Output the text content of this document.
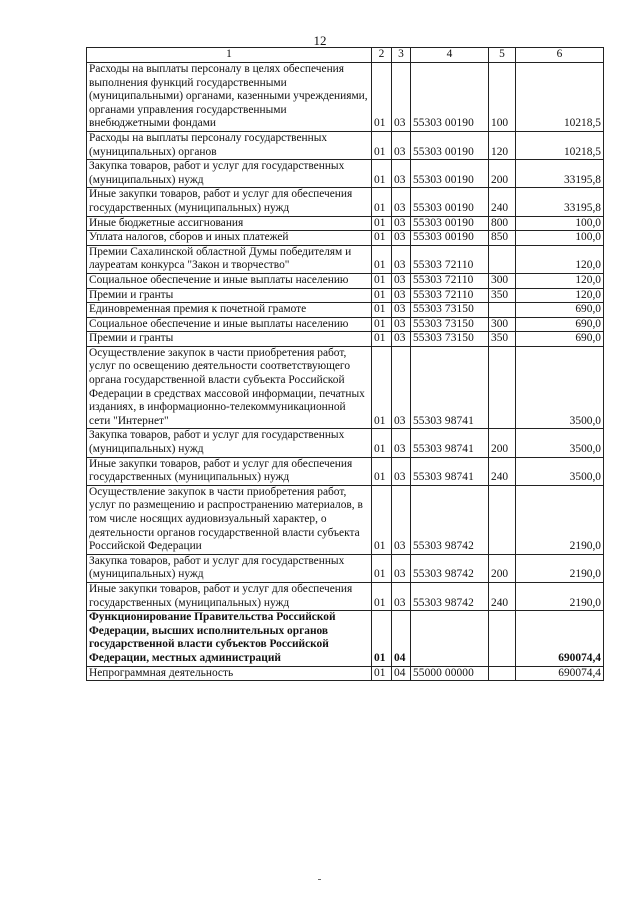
12
1	2	3	4	5	6
Расходы на выплаты персоналу в целях обеспечения выполнения функций государственными (муниципальными) органами, казенными учреждениями, органами управления государственными внебюджетными фондами	01	03	55303 00190	100	10218,5
Расходы на выплаты персоналу государственных (муниципальных) органов	01	03	55303 00190	120	10218,5
Закупка товаров, работ и услуг для государственных (муниципальных) нужд	01	03	55303 00190	200	33195,8
Иные закупки товаров, работ и услуг для обеспечения государственных (муниципальных) нужд	01	03	55303 00190	240	33195,8
Иные бюджетные ассигнования	01	03	55303 00190	800	100,0
Уплата налогов, сборов и иных платежей	01	03	55303 00190	850	100,0
Премии Сахалинской областной Думы победителям и лауреатам конкурса "Закон и творчество"	01	03	55303 72110		120,0
Социальное обеспечение и иные выплаты населению	01	03	55303 72110	300	120,0
Премии и гранты	01	03	55303 72110	350	120,0
Единовременная премия к почетной грамоте	01	03	55303 73150		690,0
Социальное обеспечение и иные выплаты населению	01	03	55303 73150	300	690,0
Премии и гранты	01	03	55303 73150	350	690,0
Осуществление закупок в части приобретения работ, услуг по освещению деятельности соответствующего органа государственной власти субъекта Российской Федерации в средствах массовой информации, печатных изданиях, в информационно-телекоммуникационной сети "Интернет"	01	03	55303 98741		3500,0
Закупка товаров, работ и услуг для государственных (муниципальных) нужд	01	03	55303 98741	200	3500,0
Иные закупки товаров, работ и услуг для обеспечения государственных (муниципальных) нужд	01	03	55303 98741	240	3500,0
Осуществление закупок в части приобретения работ, услуг по размещению и распространению материалов, в том числе носящих аудиовизуальный характер, о деятельности органов государственной власти субъекта Российской Федерации	01	03	55303 98742		2190,0
Закупка товаров, работ и услуг для государственных (муниципальных) нужд	01	03	55303 98742	200	2190,0
Иные закупки товаров, работ и услуг для обеспечения государственных (муниципальных) нужд	01	03	55303 98742	240	2190,0
Функционирование Правительства Российской Федерации, высших исполнительных органов государственной власти субъектов Российской Федерации, местных администраций	01	04			690074,4
Непрограммная деятельность	01	04	55000 00000		690074,4
